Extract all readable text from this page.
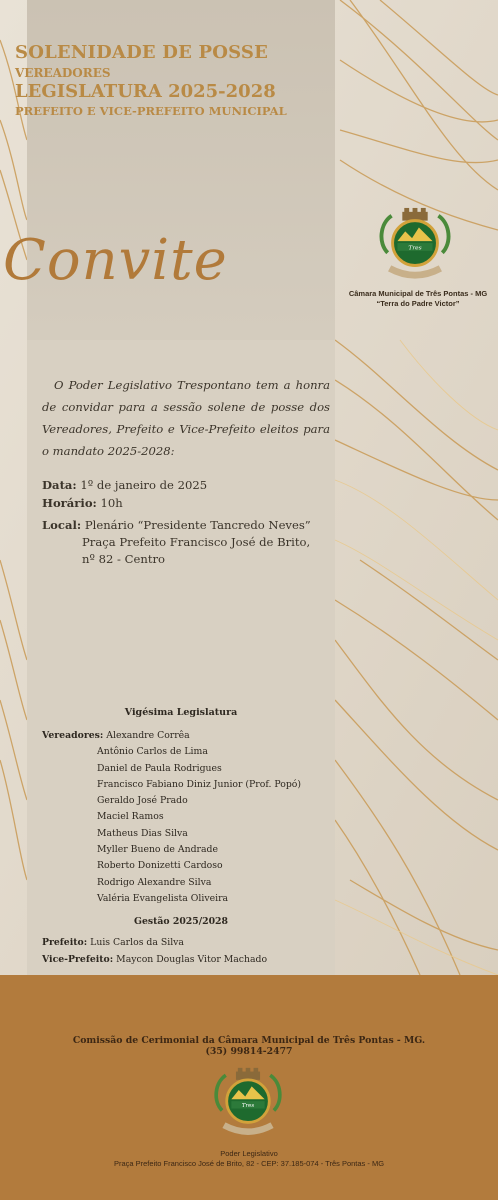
SOLENIDADE DE POSSE
VEREADORES
LEGISLATURA 2025-2028
PREFEITO E VICE-PREFEITO MUNICIPAL
Convite	Tres
Câmara Municipal de Três Pontas - MG
“Terra do Padre Victor”
O Poder Legislativo Trespontano tem a honra de convidar para a sessão solene de posse dos Vereadores, Prefeito e Vice-Prefeito eleitos para o mandato 2025-2028:
Data: 1º de janeiro de 2025
Horário: 10h
Local: Plenário “Presidente Tancredo Neves”
Praça Prefeito Francisco José de Brito,
nº 82 - Centro
Vigésima Legislatura
Vereadores: Alexandre Corrêa
Antônio Carlos de Lima
Daniel de Paula Rodrigues
Francisco Fabiano Diniz Junior (Prof. Popó)
Geraldo José Prado
Maciel Ramos
Matheus Dias Silva
Myller Bueno de Andrade
Roberto Donizetti Cardoso
Rodrigo Alexandre Silva
Valéria Evangelista Oliveira
Gestão 2025/2028
Prefeito: Luis Carlos da Silva
Vice-Prefeito: Maycon Douglas Vitor Machado
Comissão de Cerimonial da Câmara Municipal de Três Pontas - MG.
(35) 99814-2477
Tres
Poder Legislativo
Praça Prefeito Francisco José de Brito, 82 - CEP: 37.185-074 - Três Pontas - MG
